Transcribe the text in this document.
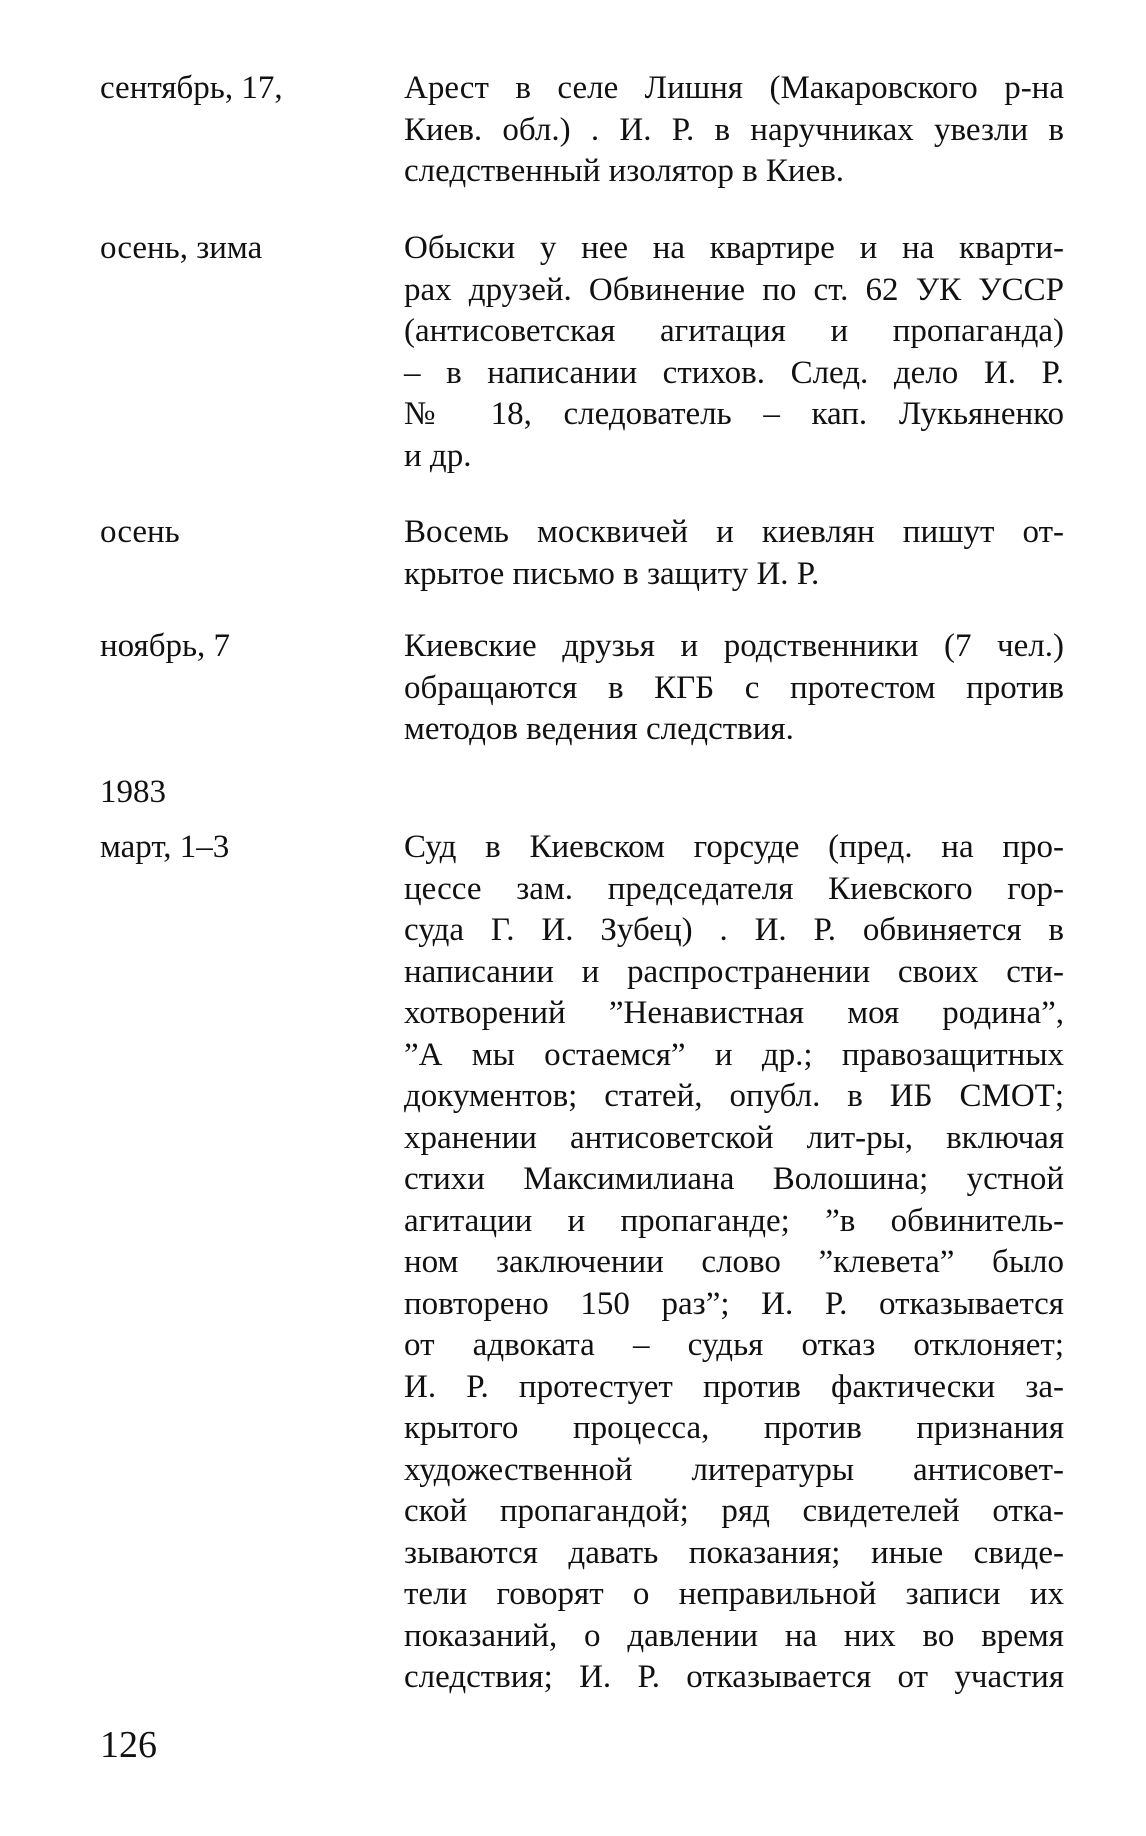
сентябрь, 17,	Арест в селе Лишня (Макаровского р-на
Киев. обл.) . И. Р. в наручниках увезли в
следственный изолятор в Киев.
осень, зима	Обыски у нее на квартире и на кварти-
рах друзей. Обвинение по ст. 62 УК УССР
(антисоветская агитация и пропаганда)
– в написании стихов. След. дело И. Р.
№ 18, следователь – кап. Лукьяненко
и др.
осень	Восемь москвичей и киевлян пишут от-
крытое письмо в защиту И. Р.
ноябрь, 7	Киевские друзья и родственники (7 чел.)
обращаются в КГБ с протестом против
методов ведения следствия.
1983
март, 1–3	Суд в Киевском горсуде (пред. на про-
цессе зам. председателя Киевского гор-
суда Г. И. Зубец) . И. Р. обвиняется в
написании и распространении своих сти-
хотворений ”Ненавистная моя родина”,
”А мы остаемся” и др.; правозащитных
документов; статей, опубл. в ИБ СМОТ;
хранении антисоветской лит-ры, включая
стихи Максимилиана Волошина; устной
агитации и пропаганде; ”в обвинитель-
ном заключении слово ”клевета” было
повторено 150 раз”; И. Р. отказывается
от адвоката – судья отказ отклоняет;
И. Р. протестует против фактически за-
крытого процесса, против признания
художественной литературы антисовет-
ской пропагандой; ряд свидетелей отка-
зываются давать показания; иные свиде-
тели говорят о неправильной записи их
показаний, о давлении на них во время
следствия; И. Р. отказывается от участия
126
